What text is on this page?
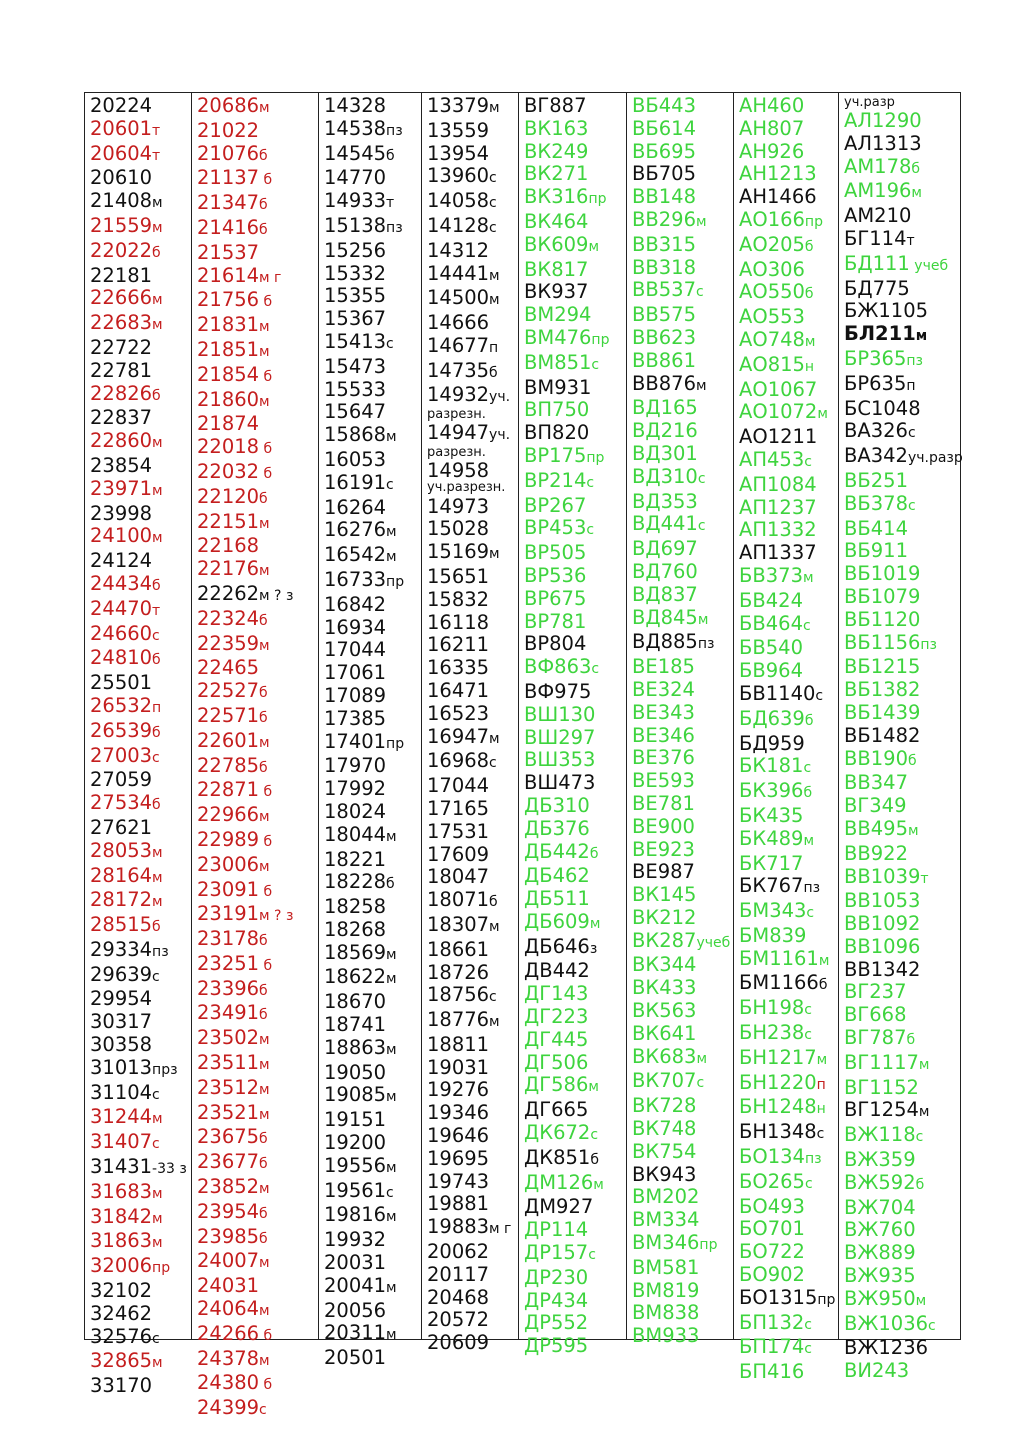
20224
20601т
20604т
20610
21408м
21559м
22022б
22181
22666м
22683м
22722
22781
22826б
22837
22860м
23854
23971м
23998
24100м
24124
24434б
24470т
24660с
24810б
25501
26532п
26539б
27003с
27059
27534б
27621
28053м
28164м
28172м
28515б
29334пз
29639с
29954
30317
30358
31013прз
31104с
31244м
31407с
31431-33 з
31683м
31842м
31863м
32006пр
32102
32462
32576с
32865м
33170
20686м
21022
21076б
21137 б
21347б
21416б
21537
21614м г
21756 б
21831м
21851м
21854 б
21860м
21874
22018 б
22032 б
22120б
22151м
22168
22176м
22262м ? з
22324б
22359м
22465
22527б
22571б
22601м
22785б
22871 б
22966м
22989 б
23006м
23091 б
23191м ? з
23178б
23251 б
23396б
23491б
23502м
23511м
23512м
23521м
23675б
23677б
23852м
23954б
23985б
24007м
24031
24064м
24266 б
24378м
24380 б
24399с
14328
14538пз
14545б
14770
14933т
15138пз
15256
15332
15355
15367
15413с
15473
15533
15647
15868м
16053
16191с
16264
16276м
16542м
16733пр
16842
16934
17044
17061
17089
17385
17401пр
17970
17992
18024
18044м
18221
18228б
18258
18268
18569м
18622м
18670
18741
18863м
19050
19085м
19151
19200
19556м
19561с
19816м
19932
20031
20041м
20056
20311м
20501
13379м
13559
13954
13960с
14058с
14128с
14312
14441м
14500м
14666
14677п
14735б
14932уч.
разрезн.
14947уч.
разрезн.
14958
уч.разрезн.
14973
15028
15169м
15651
15832
16118
16211
16335
16471
16523
16947м
16968с
17044
17165
17531
17609
18047
18071б
18307м
18661
18726
18756с
18776м
18811
19031
19276
19346
19646
19695
19743
19881
19883м г
20062
20117
20468
20572
20609
ВГ887
ВК163
ВК249
ВК271
ВК316пр
ВК464
ВК609м
ВК817
ВК937
ВМ294
ВМ476пр
ВМ851с
ВМ931
ВП750
ВП820
ВР175пр
ВР214с
ВР267
ВР453с
ВР505
ВР536
ВР675
ВР781
ВР804
ВФ863с
ВФ975
ВШ130
ВШ297
ВШ353
ВШ473
ДБ310
ДБ376
ДБ442б
ДБ462
ДБ511
ДБ609м
ДБ646з
ДВ442
ДГ143
ДГ223
ДГ445
ДГ506
ДГ586м
ДГ665
ДК672с
ДК851б
ДМ126м
ДМ927
ДР114
ДР157с
ДР230
ДР434
ДР552
ДР595
ВБ443
ВБ614
ВБ695
ВБ705
ВВ148
ВВ296м
ВВ315
ВВ318
ВВ537с
ВВ575
ВВ623
ВВ861
ВВ876м
ВД165
ВД216
ВД301
ВД310с
ВД353
ВД441с
ВД697
ВД760
ВД837
ВД845м
ВД885пз
ВЕ185
ВЕ324
ВЕ343
ВЕ346
ВЕ376
ВЕ593
ВЕ781
ВЕ900
ВЕ923
ВЕ987
ВК145
ВК212
ВК287учеб
ВК344
ВК433
ВК563
ВК641
ВК683м
ВК707с
ВК728
ВК748
ВК754
ВК943
ВМ202
ВМ334
ВМ346пр
ВМ581
ВМ819
ВМ838
ВМ933
АН460
АН807
АН926
АН1213
АН1466
АО166пр
АО205б
АО306
АО550б
АО553
АО748м
АО815н
АО1067
АО1072м
АО1211
АП453с
АП1084
АП1237
АП1332
АП1337
БВ373м
БВ424
БВ464с
БВ540
БВ964
БВ1140с
БД639б
БД959
БК181с
БК396б
БК435
БК489м
БК717
БК767пз
БМ343с
БМ839
БМ1161м
БМ1166б
БН198с
БН238с
БН1217м
БН1220п
БН1248н
БН1348с
БО134пз
БО265с
БО493
БО701
БО722
БО902
БО1315пр
БП132с
БП174с
БП416
уч.разр
АЛ1290
АЛ1313
АМ178б
АМ196м
АМ210
БГ114т
БД111 учеб
БД775
БЖ1105
БЛ211м
БР365пз
БР635п
БС1048
ВА326с
ВА342уч.разр
ВБ251
ВБ378с
ВБ414
ВБ911
ВБ1019
ВБ1079
ВБ1120
ВБ1156пз
ВБ1215
ВБ1382
ВБ1439
ВБ1482
ВВ190б
ВВ347
ВГ349
ВВ495м
ВВ922
ВВ1039т
ВВ1053
ВВ1092
ВВ1096
ВВ1342
ВГ237
ВГ668
ВГ787б
ВГ1117м
ВГ1152
ВГ1254м
ВЖ118с
ВЖ359
ВЖ592б
ВЖ704
ВЖ760
ВЖ889
ВЖ935
ВЖ950м
ВЖ1036с
ВЖ1236
ВИ243
